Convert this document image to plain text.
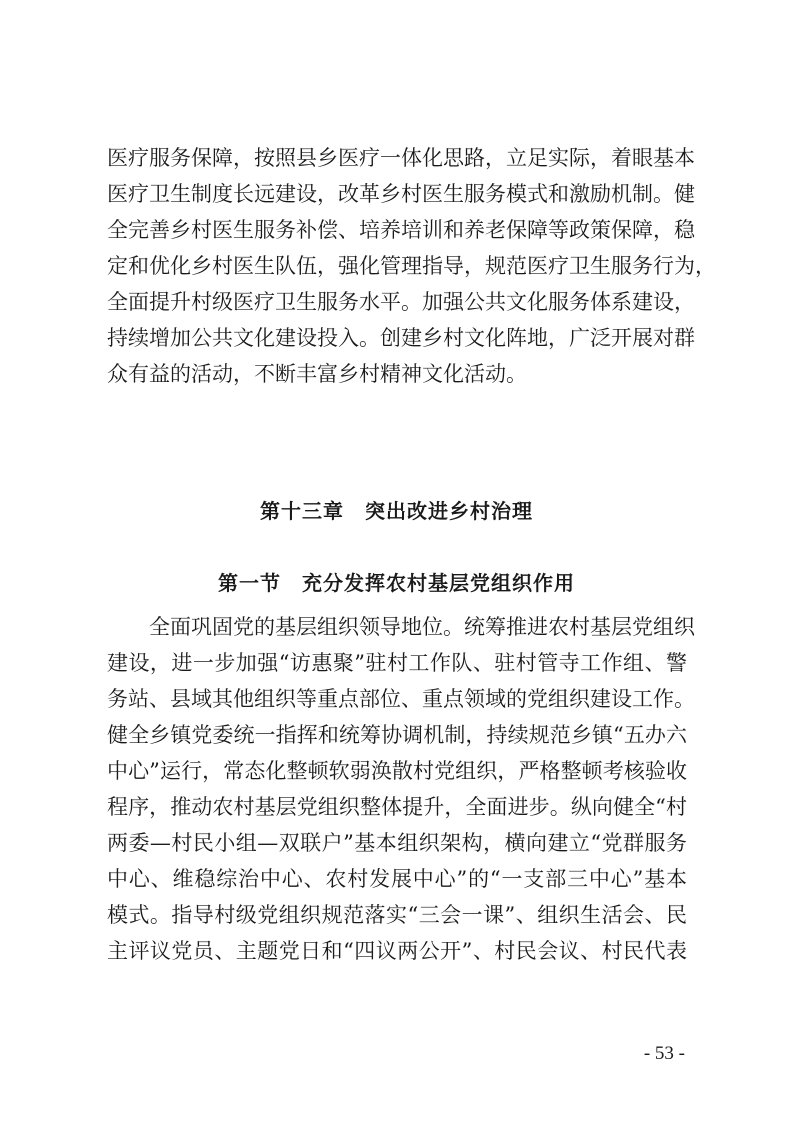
医疗服务保障，按照县乡医疗一体化思路，立足实际，着眼基本
医疗卫生制度长远建设，改革乡村医生服务模式和激励机制。健
全完善乡村医生服务补偿、培养培训和养老保障等政策保障，稳
定和优化乡村医生队伍，强化管理指导，规范医疗卫生服务行为，
全面提升村级医疗卫生服务水平。加强公共文化服务体系建设，
持续增加公共文化建设投入。创建乡村文化阵地，广泛开展对群
众有益的活动，不断丰富乡村精神文化活动。
第十三章　突出改进乡村治理
第一节　充分发挥农村基层党组织作用
全面巩固党的基层组织领导地位。统筹推进农村基层党组织
建设，进一步加强“访惠聚”驻村工作队、驻村管寺工作组、警
务站、县域其他组织等重点部位、重点领域的党组织建设工作。
健全乡镇党委统一指挥和统筹协调机制，持续规范乡镇“五办六
中心”运行，常态化整顿软弱涣散村党组织，严格整顿考核验收
程序，推动农村基层党组织整体提升，全面进步。纵向健全“村
两委—村民小组—双联户”基本组织架构，横向建立“党群服务
中心、维稳综治中心、农村发展中心”的“一支部三中心”基本
模式。指导村级党组织规范落实“三会一课”、组织生活会、民
主评议党员、主题党日和“四议两公开”、村民会议、村民代表
- 53 -
